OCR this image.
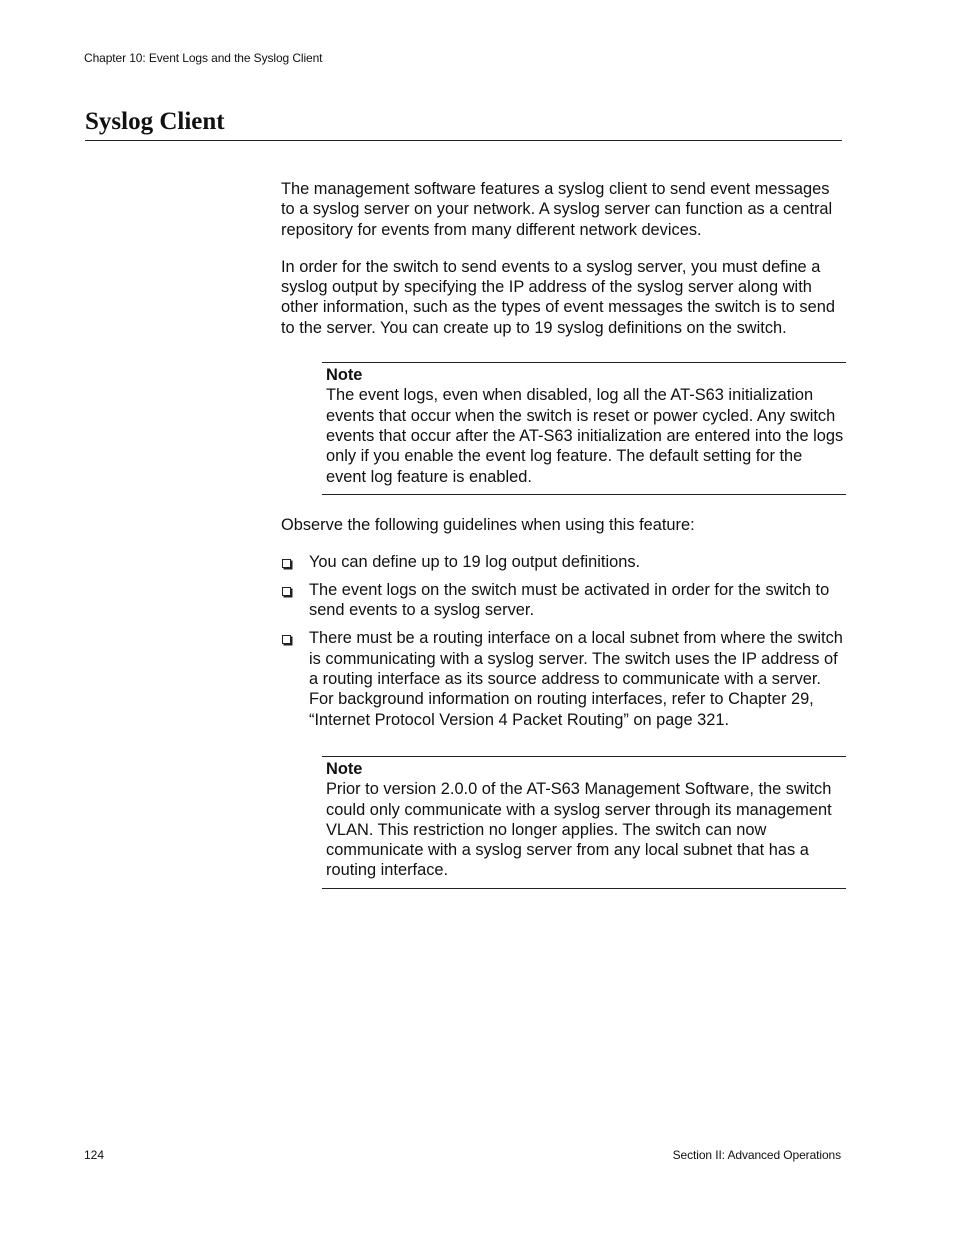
Chapter 10: Event Logs and the Syslog Client
Syslog Client

The management software features a syslog client to send event messages to a syslog server on your network. A syslog server can function as a central repository for events from many different network devices.

In order for the switch to send events to a syslog server, you must define a syslog output by specifying the IP address of the syslog server along with other information, such as the types of event messages the switch is to send to the server. You can create up to 19 syslog definitions on the switch.

Note
The event logs, even when disabled, log all the AT-S63 initialization events that occur when the switch is reset or power cycled. Any switch events that occur after the AT-S63 initialization are entered into the logs only if you enable the event log feature. The default setting for the event log feature is enabled.

Observe the following guidelines when using this feature:

You can define up to 19 log output definitions.
The event logs on the switch must be activated in order for the switch to send events to a syslog server.
There must be a routing interface on a local subnet from where the switch is communicating with a syslog server. The switch uses the IP address of a routing interface as its source address to communicate with a server. For background information on routing interfaces, refer to Chapter 29, “Internet Protocol Version 4 Packet Routing” on page 321.
Note
Prior to version 2.0.0 of the AT-S63 Management Software, the switch could only communicate with a syslog server through its management VLAN. This restriction no longer applies. The switch can now communicate with a syslog server from any local subnet that has a routing interface.
124	Section II: Advanced Operations
